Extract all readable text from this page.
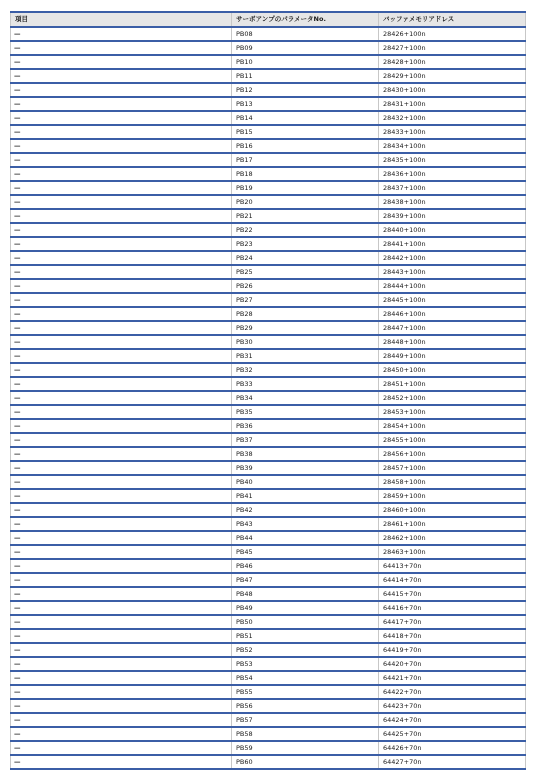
項目	サーボアンプのパラメータNo.	バッファメモリアドレス
—	PB08	28426+100n
—	PB09	28427+100n
—	PB10	28428+100n
—	PB11	28429+100n
—	PB12	28430+100n
—	PB13	28431+100n
—	PB14	28432+100n
—	PB15	28433+100n
—	PB16	28434+100n
—	PB17	28435+100n
—	PB18	28436+100n
—	PB19	28437+100n
—	PB20	28438+100n
—	PB21	28439+100n
—	PB22	28440+100n
—	PB23	28441+100n
—	PB24	28442+100n
—	PB25	28443+100n
—	PB26	28444+100n
—	PB27	28445+100n
—	PB28	28446+100n
—	PB29	28447+100n
—	PB30	28448+100n
—	PB31	28449+100n
—	PB32	28450+100n
—	PB33	28451+100n
—	PB34	28452+100n
—	PB35	28453+100n
—	PB36	28454+100n
—	PB37	28455+100n
—	PB38	28456+100n
—	PB39	28457+100n
—	PB40	28458+100n
—	PB41	28459+100n
—	PB42	28460+100n
—	PB43	28461+100n
—	PB44	28462+100n
—	PB45	28463+100n
—	PB46	64413+70n
—	PB47	64414+70n
—	PB48	64415+70n
—	PB49	64416+70n
—	PB50	64417+70n
—	PB51	64418+70n
—	PB52	64419+70n
—	PB53	64420+70n
—	PB54	64421+70n
—	PB55	64422+70n
—	PB56	64423+70n
—	PB57	64424+70n
—	PB58	64425+70n
—	PB59	64426+70n
—	PB60	64427+70n
